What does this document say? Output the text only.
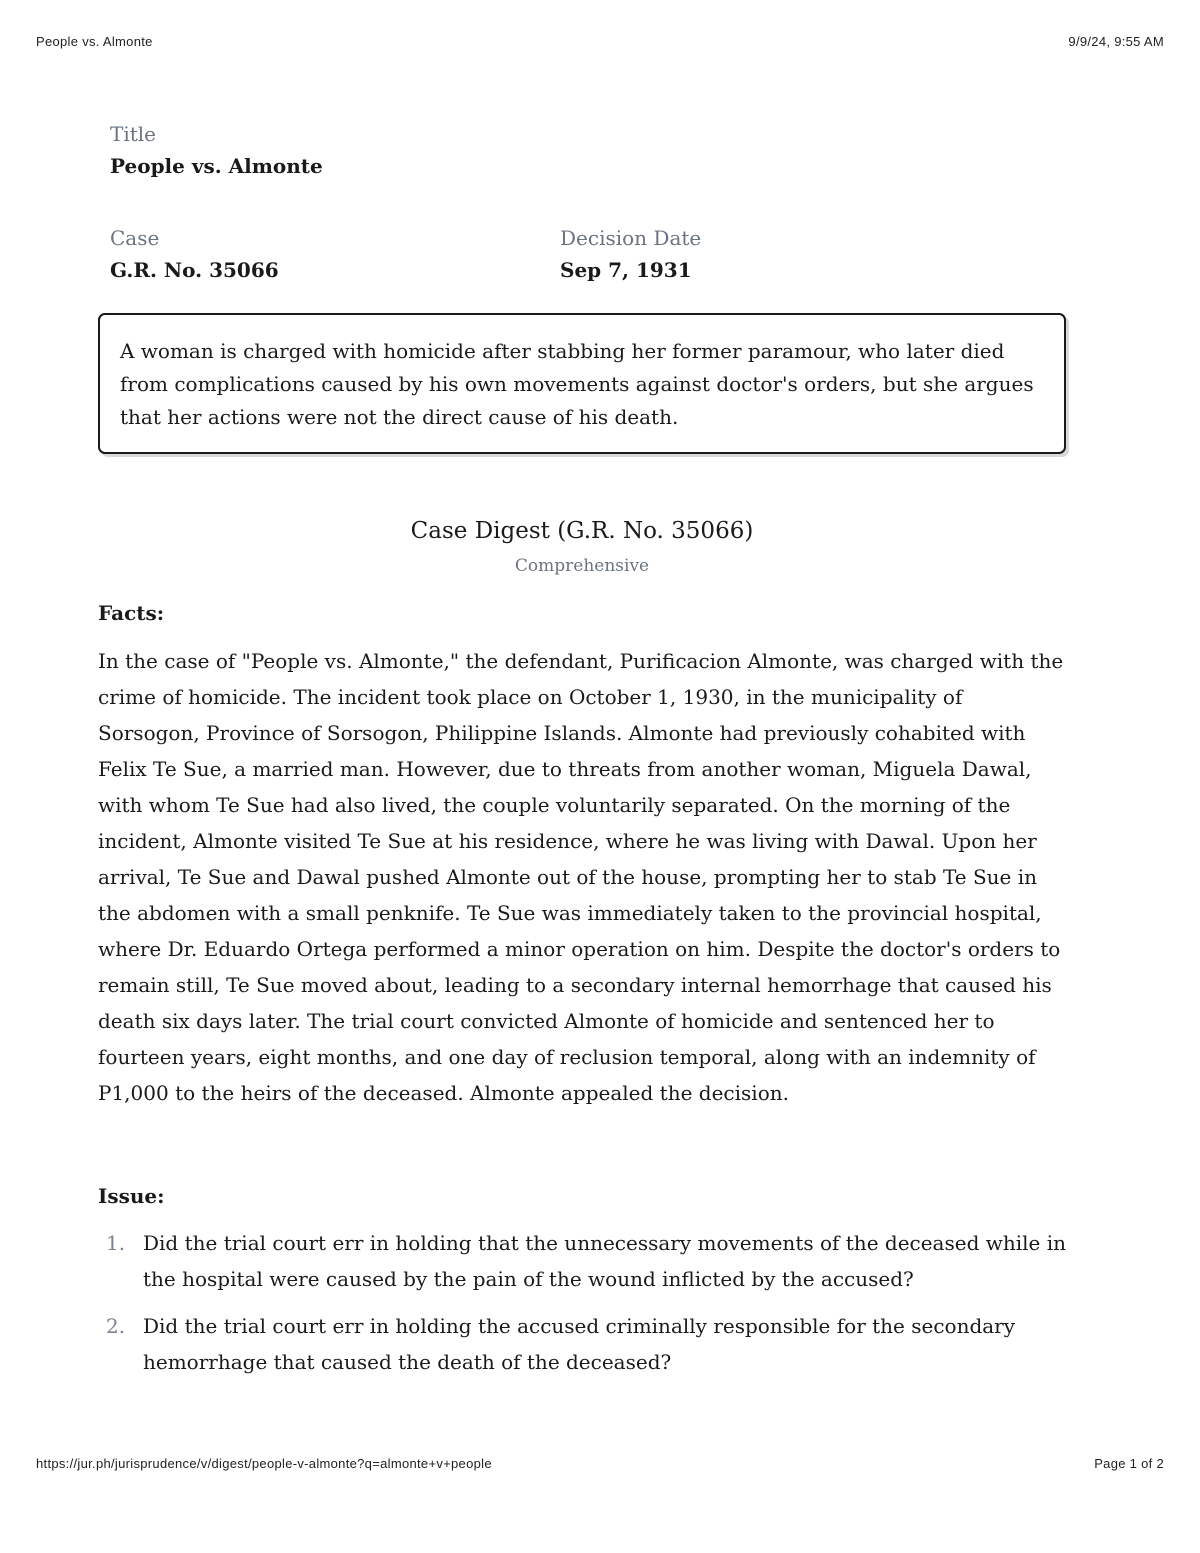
People vs. Almonte	9/9/24, 9:55 AM
Title
People vs. Almonte
Case
G.R. No. 35066
Decision Date
Sep 7, 1931
A woman is charged with homicide after stabbing her former paramour, who later died from complications caused by his own movements against doctor's orders, but she argues that her actions were not the direct cause of his death.
Case Digest (G.R. No. 35066)
Comprehensive
Facts:
In the case of "People vs. Almonte," the defendant, Purificacion Almonte, was charged with the crime of homicide. The incident took place on October 1, 1930, in the municipality of Sorsogon, Province of Sorsogon, Philippine Islands. Almonte had previously cohabited with Felix Te Sue, a married man. However, due to threats from another woman, Miguela Dawal, with whom Te Sue had also lived, the couple voluntarily separated. On the morning of the incident, Almonte visited Te Sue at his residence, where he was living with Dawal. Upon her arrival, Te Sue and Dawal pushed Almonte out of the house, prompting her to stab Te Sue in the abdomen with a small penknife. Te Sue was immediately taken to the provincial hospital, where Dr. Eduardo Ortega performed a minor operation on him. Despite the doctor's orders to remain still, Te Sue moved about, leading to a secondary internal hemorrhage that caused his death six days later. The trial court convicted Almonte of homicide and sentenced her to fourteen years, eight months, and one day of reclusion temporal, along with an indemnity of P1,000 to the heirs of the deceased. Almonte appealed the decision.
Issue:
1. Did the trial court err in holding that the unnecessary movements of the deceased while in the hospital were caused by the pain of the wound inflicted by the accused?
2. Did the trial court err in holding the accused criminally responsible for the secondary hemorrhage that caused the death of the deceased?
https://jur.ph/jurisprudence/v/digest/people-v-almonte?q=almonte+v+people	Page 1 of 2
